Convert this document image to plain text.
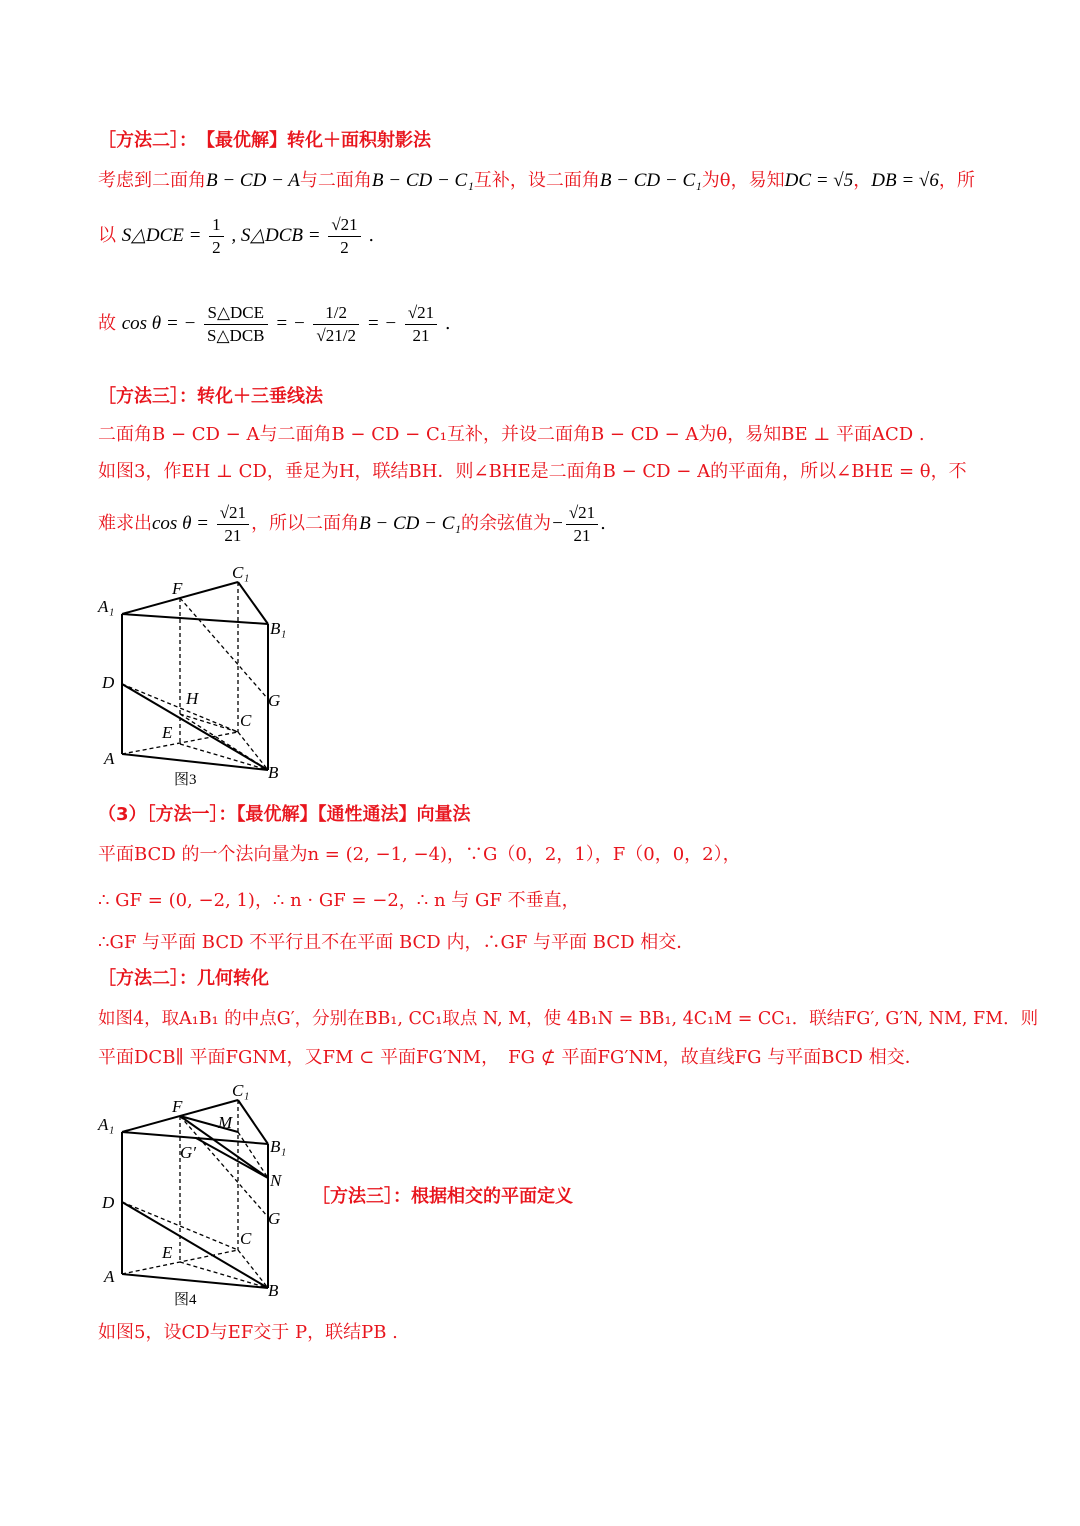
［方法二］：　【最优解】转化＋面积射影法
考虑到二面角B − CD − A与二面角B − CD − C₁互补，设二面角B − CD − C₁为θ，易知DC = √5，DB = √6，所
以 S△DCE = $\frac{1}{2}$ , S△DCB = $\frac{√21}{2}$ .
故 cos θ = − $\frac{\text{S△DCE}}{\text{S△DCB}}$ = − $\frac{1/2}{√21/2}$ = − $\frac{√21}{21}$ .
［方法三］：转化＋三垂线法
二面角B − CD − A与二面角B − CD − C₁互补，并设二面角B − CD − A为θ，易知BE ⊥ 平面ACD .
如图3，作EH ⊥ CD，垂足为H，联结BH．则∠BHE是二面角B − CD − A的平面角，所以∠BHE = θ，不
难求出$\cos \theta = \frac{√21}{21}$ ，所以二面角B − CD − C₁的余弦值为− $\frac{√21}{21}$ .
A₁
F
C₁
B₁
D
H	G
C
E
A
B
图3
（3）［方法一］：【最优解】【通性通法】向量法
平面BCD 的一个法向量为n = (2, −1, −4)，∵G（0，2，1），F（0，0，2），
∴ GF = (0, −2, 1)，∴ n · GF = −2，∴ n 与 GF 不垂直，
∴GF 与平面 BCD 不平行且不在平面 BCD 内，∴GF 与平面 BCD 相交．
［方法二］：几何转化
如图4，取A₁B₁ 的中点G′，分别在BB₁, CC₁取点 N, M，使 4B₁N = BB₁, 4C₁M = CC₁．联结FG′, G′N, NM, FM．则
平面DCB∥ 平面FGNM，又FM ⊂ 平面FG′NM，　FG ⊄ 平面FG′NM，故直线FG 与平面BCD 相交．
A₁
F
M
C₁
B₁
G′
N
D
G
C
E
A
B
图4
［方法三］：根据相交的平面定义
如图5，设CD与EF交于 P，联结PB .
